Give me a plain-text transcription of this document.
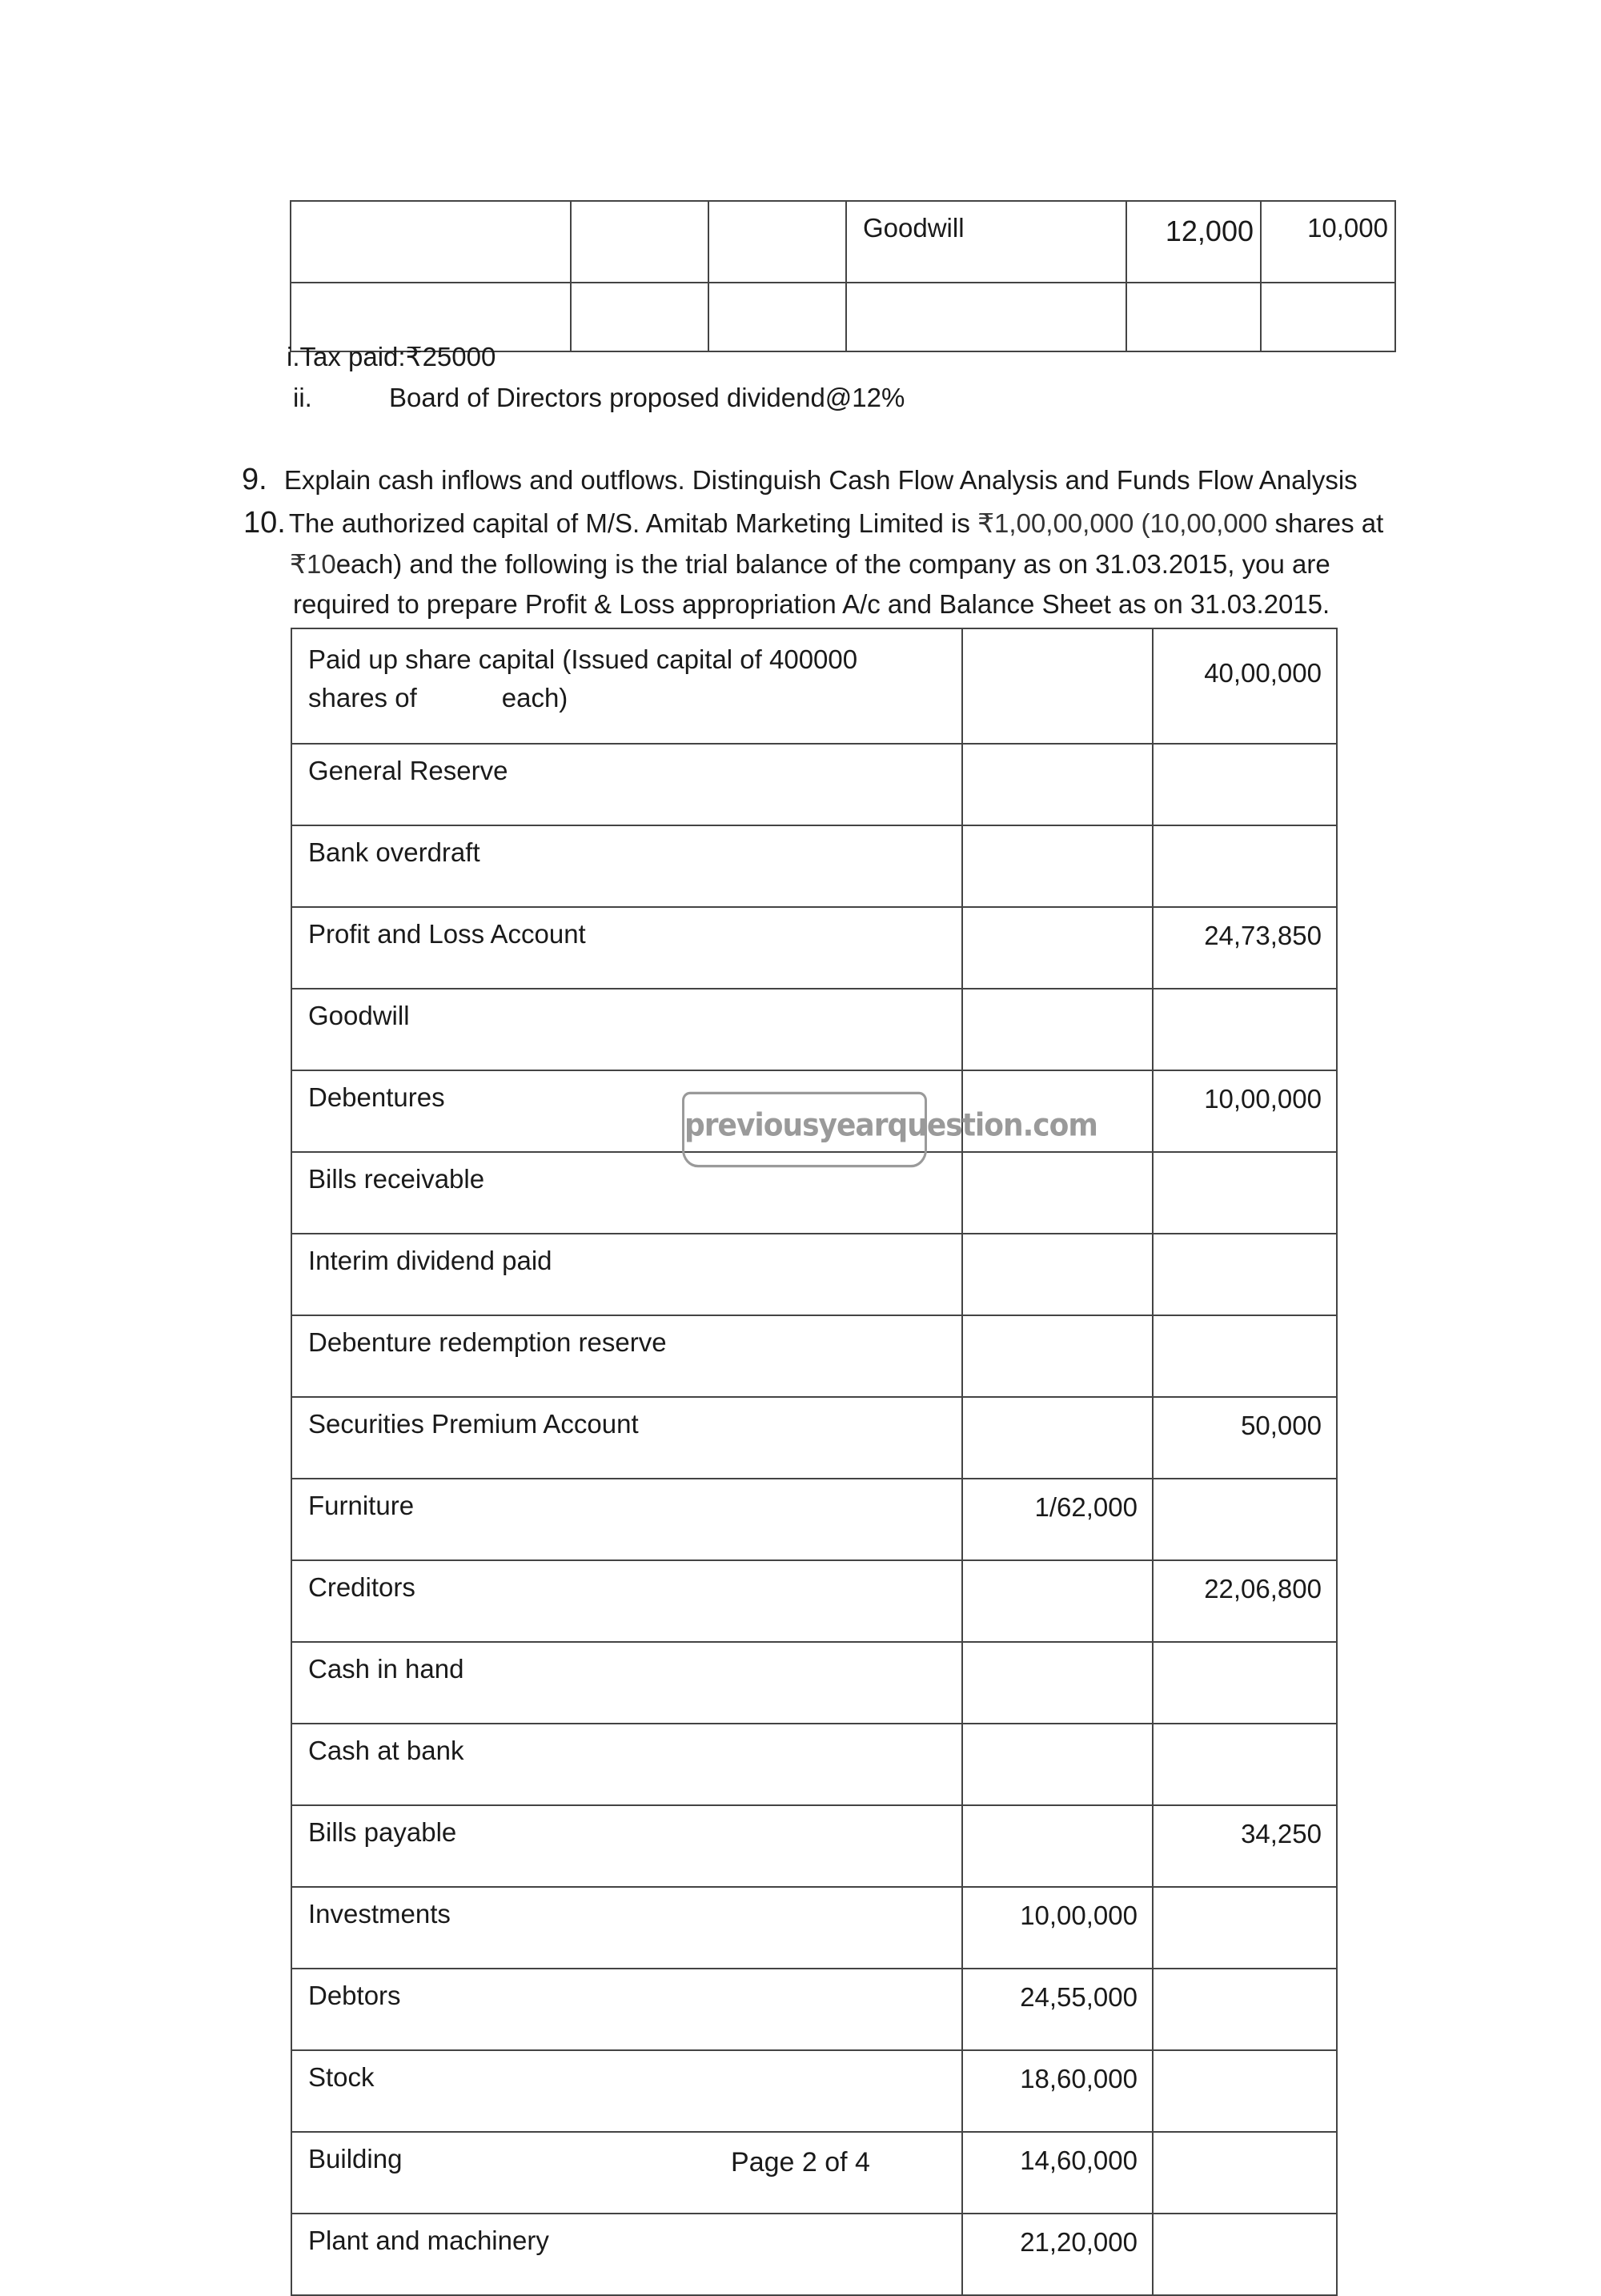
			Goodwill	12,000	10,000

i.Tax paid:₹25000
ii.	Board of Directors proposed dividend@12%
9. Explain cash inflows and outflows. Distinguish Cash Flow Analysis and Funds Flow Analysis
10. The authorized capital of M/S. Amitab Marketing Limited is ₹1,00,00,000 (10,00,000 shares at
₹10each) and the following is the trial balance of the company as on 31.03.2015, you are
required to prepare Profit & Loss appropriation A/c and Balance Sheet as on 31.03.2015.
Paid up share capital (Issued capital of 400000
shares of each)		40,00,000
General Reserve		
Bank overdraft		
Profit and Loss Account		24,73,850
Goodwill		
Debentures		10,00,000
Bills receivable		
Interim dividend paid		
Debenture redemption reserve		
Securities Premium Account		50,000
Furniture	1/62,000	
Creditors		22,06,800
Cash in hand		
Cash at bank		
Bills payable		34,250
Investments	10,00,000	
Debtors	24,55,000	
Stock	18,60,000	
Building	14,60,000	
Plant and machinery	21,20,000	
previousyearquestion.com
Page 2 of 4
